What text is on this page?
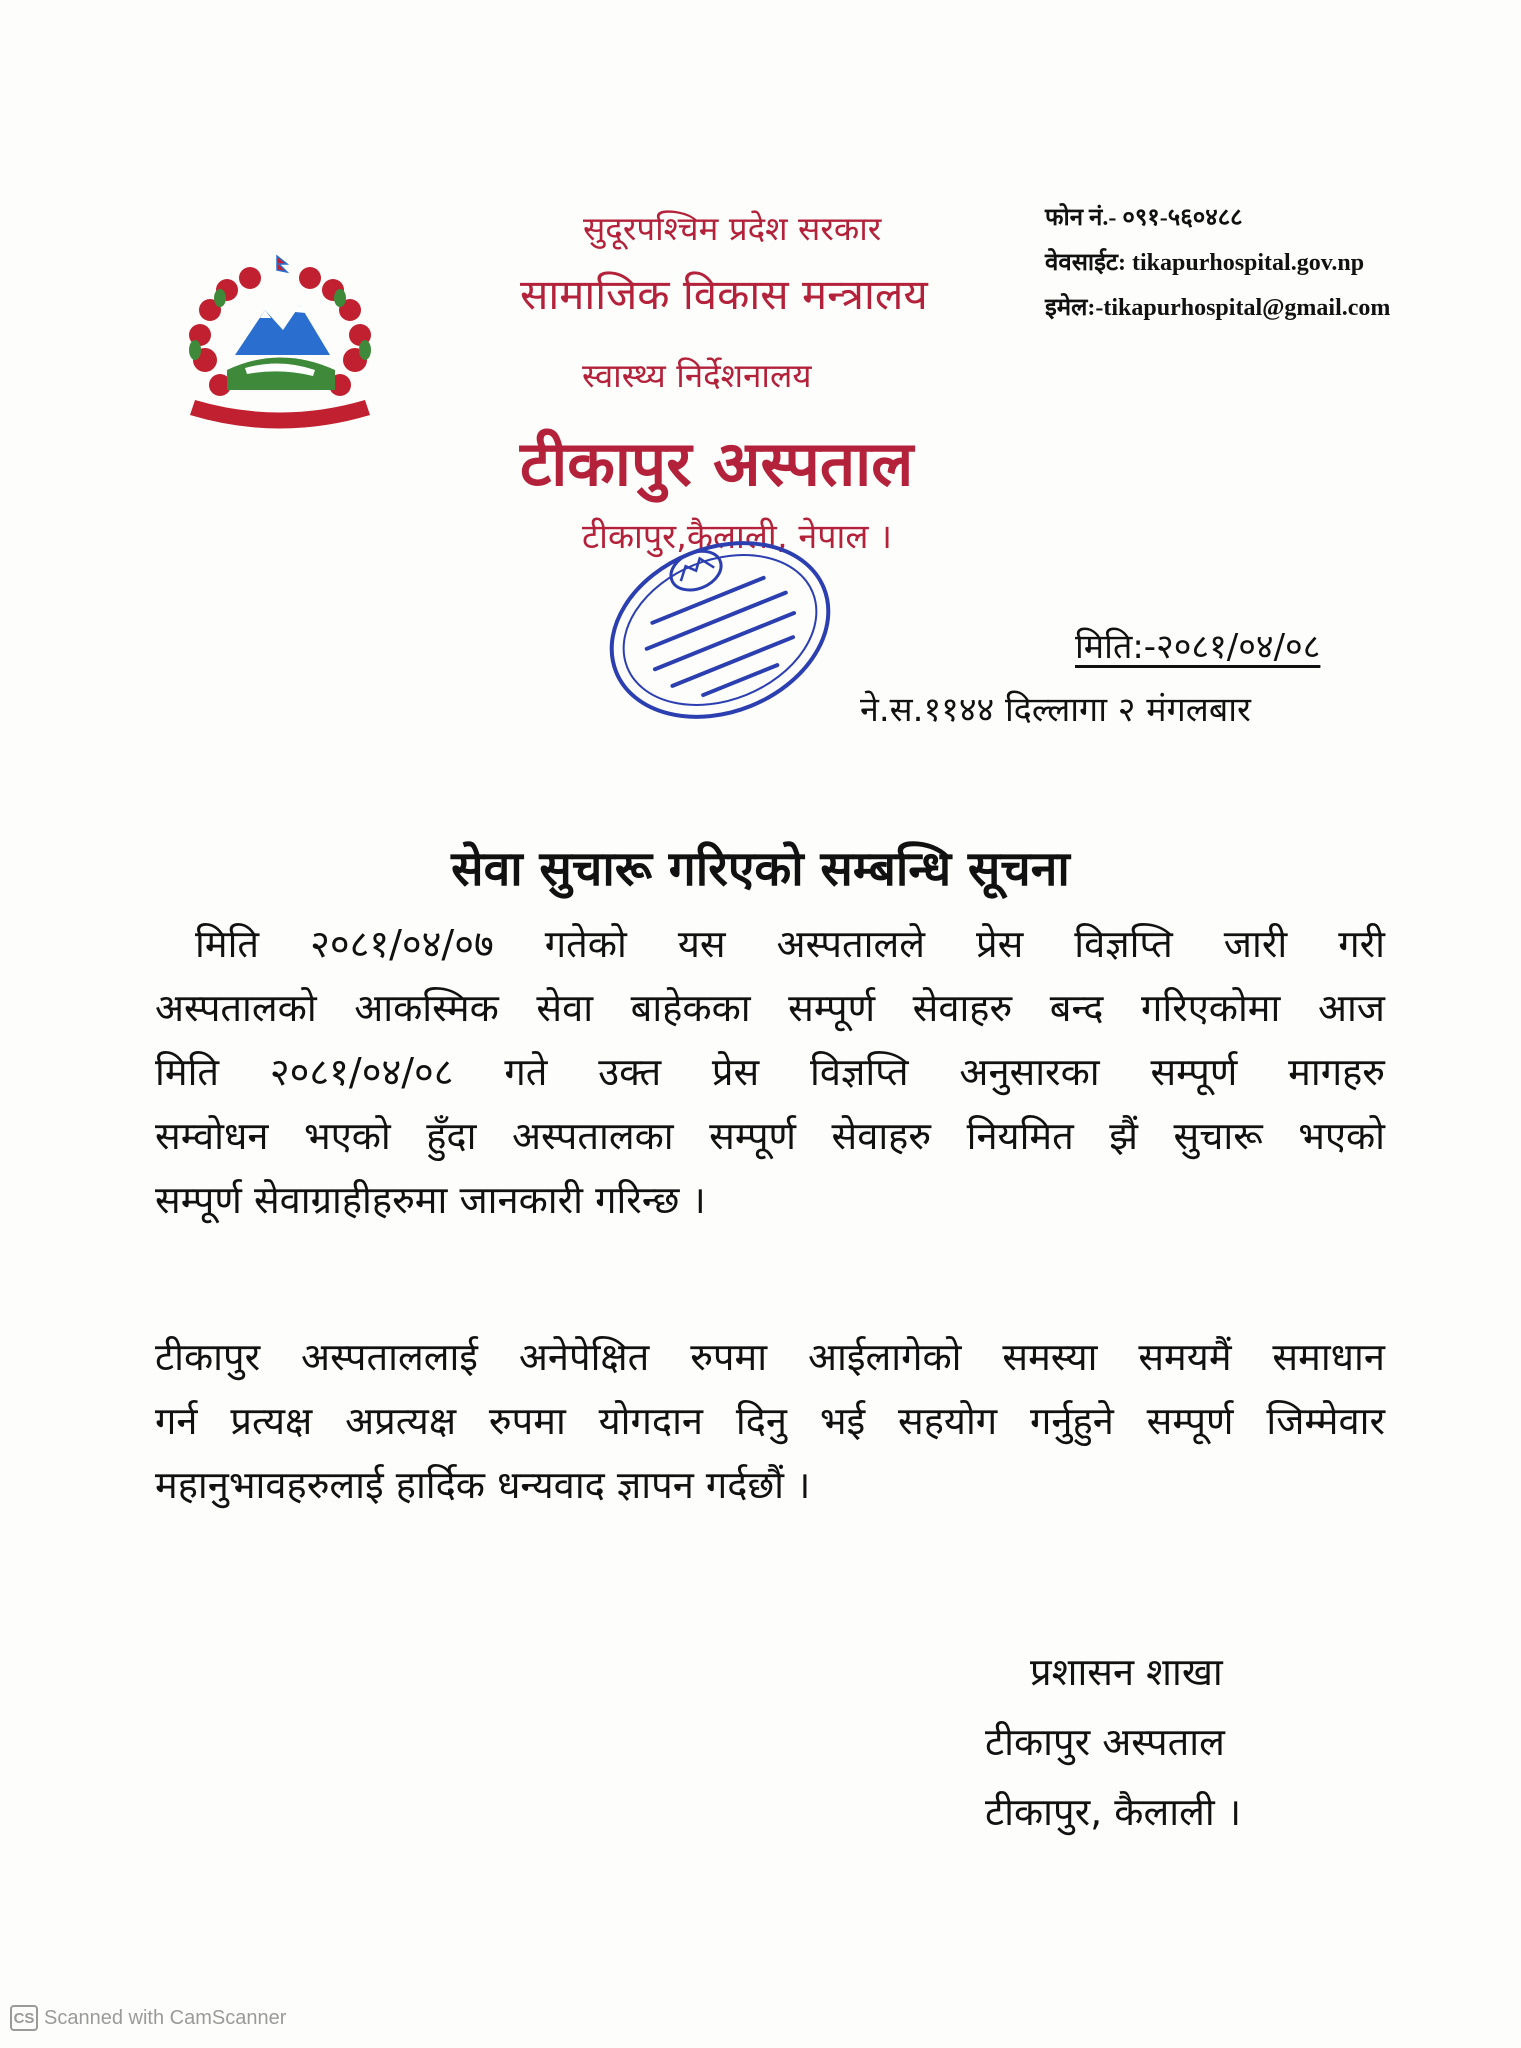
सुदूरपश्चिम प्रदेश सरकार
सामाजिक विकास मन्त्रालय
स्वास्थ्य निर्देशनालय
टीकापुर अस्पताल
टीकापुर,कैलाली, नेपाल ।
फोन नं.- ०९१-५६०४८८
वेवसाईट: tikapurhospital.gov.np
इमेल:-tikapurhospital@gmail.com
मिति:-२०८१/०४/०८
ने.स.११४४ दिल्लागा २ मंगलबार
सेवा सुचारू गरिएको सम्बन्धि सूचना
मिति २०८१/०४/०७ गतेको यस अस्पतालले प्रेस विज्ञप्ति जारी गरी
अस्पतालको आकस्मिक सेवा बाहेकका सम्पूर्ण सेवाहरु बन्द गरिएकोमा आज
मिति २०८१/०४/०८ गते उक्त प्रेस विज्ञप्ति अनुसारका सम्पूर्ण मागहरु
सम्वोधन भएको हुँदा अस्पतालका सम्पूर्ण सेवाहरु नियमित झैं सुचारू भएको
सम्पूर्ण सेवाग्राहीहरुमा जानकारी गरिन्छ ।
टीकापुर अस्पताललाई अनेपेक्षित रुपमा आईलागेको समस्या समयमैं समाधान
गर्न प्रत्यक्ष अप्रत्यक्ष रुपमा योगदान दिनु भई सहयोग गर्नुहुने सम्पूर्ण जिम्मेवार
महानुभावहरुलाई हार्दिक धन्यवाद ज्ञापन गर्दछौं ।
प्रशासन शाखा
टीकापुर अस्पताल
टीकापुर, कैलाली ।
CS Scanned with CamScanner
